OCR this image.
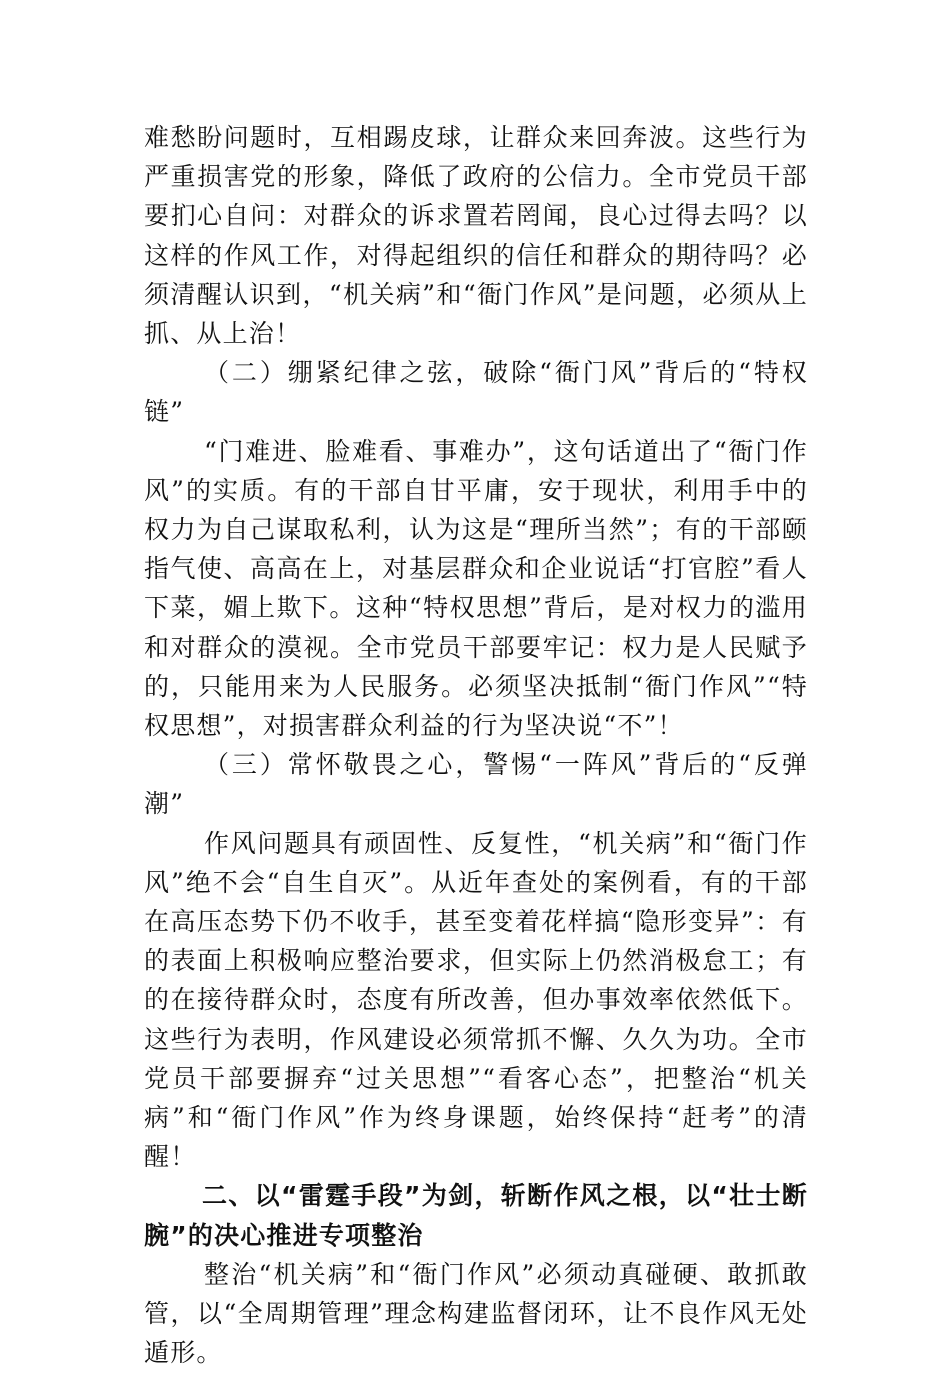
难愁盼问题时，互相踢皮球，让群众来回奔波。这些行为严重损害党的形象，降低了政府的公信力。全市党员干部要扪心自问：对群众的诉求置若罔闻，良心过得去吗？以这样的作风工作，对得起组织的信任和群众的期待吗？必须清醒认识到，“机关病”和“衙门作风”是问题，必须从上抓、从上治！

（二）绷紧纪律之弦，破除“衙门风”背后的“特权链”

“门难进、脸难看、事难办”，这句话道出了“衙门作风”的实质。有的干部自甘平庸，安于现状，利用手中的权力为自己谋取私利，认为这是“理所当然”；有的干部颐指气使、高高在上，对基层群众和企业说话“打官腔”看人下菜，媚上欺下。这种“特权思想”背后，是对权力的滥用和对群众的漠视。全市党员干部要牢记：权力是人民赋予的，只能用来为人民服务。必须坚决抵制“衙门作风”“特权思想”，对损害群众利益的行为坚决说“不”！

（三）常怀敬畏之心，警惕“一阵风”背后的“反弹潮”

作风问题具有顽固性、反复性，“机关病”和“衙门作风”绝不会“自生自灭”。从近年查处的案例看，有的干部在高压态势下仍不收手，甚至变着花样搞“隐形变异”：有的表面上积极响应整治要求，但实际上仍然消极怠工；有的在接待群众时，态度有所改善，但办事效率依然低下。这些行为表明，作风建设必须常抓不懈、久久为功。全市党员干部要摒弃“过关思想”“看客心态”，把整治“机关病”和“衙门作风”作为终身课题，始终保持“赶考”的清醒！

二、以“雷霆手段”为剑，斩断作风之根，以“壮士断腕”的决心推进专项整治

整治“机关病”和“衙门作风”必须动真碰硬、敢抓敢管，以“全周期管理”理念构建监督闭环，让不良作风无处遁形。
